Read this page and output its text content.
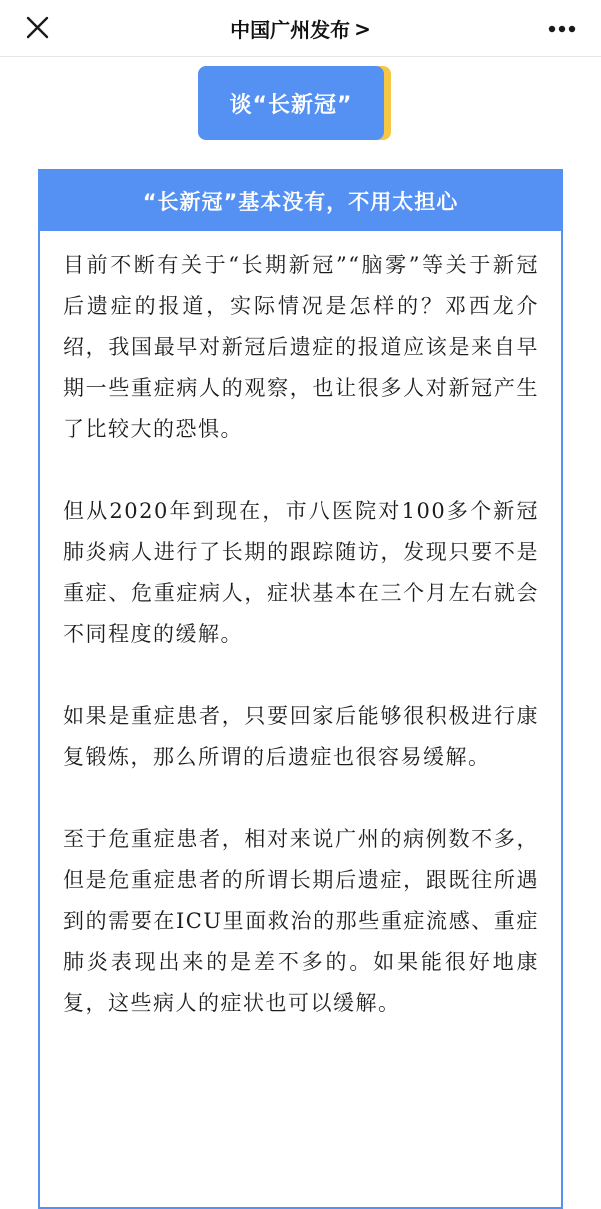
中国广州发布 >
谈“长新冠”
“长新冠”基本没有，不用太担心

目前不断有关于“长期新冠”“脑雾”等关于新冠后遗症的报道，实际情况是怎样的？邓西龙介绍，我国最早对新冠后遗症的报道应该是来自早期一些重症病人的观察，也让很多人对新冠产生了比较大的恐惧。

但从2020年到现在，市八医院对100多个新冠肺炎病人进行了长期的跟踪随访，发现只要不是重症、危重症病人，症状基本在三个月左右就会不同程度的缓解。

如果是重症患者，只要回家后能够很积极进行康复锻炼，那么所谓的后遗症也很容易缓解。

至于危重症患者，相对来说广州的病例数不多，但是危重症患者的所谓长期后遗症，跟既往所遇到的需要在ICU里面救治的那些重症流感、重症肺炎表现出来的是差不多的。如果能很好地康复，这些病人的症状也可以缓解。
